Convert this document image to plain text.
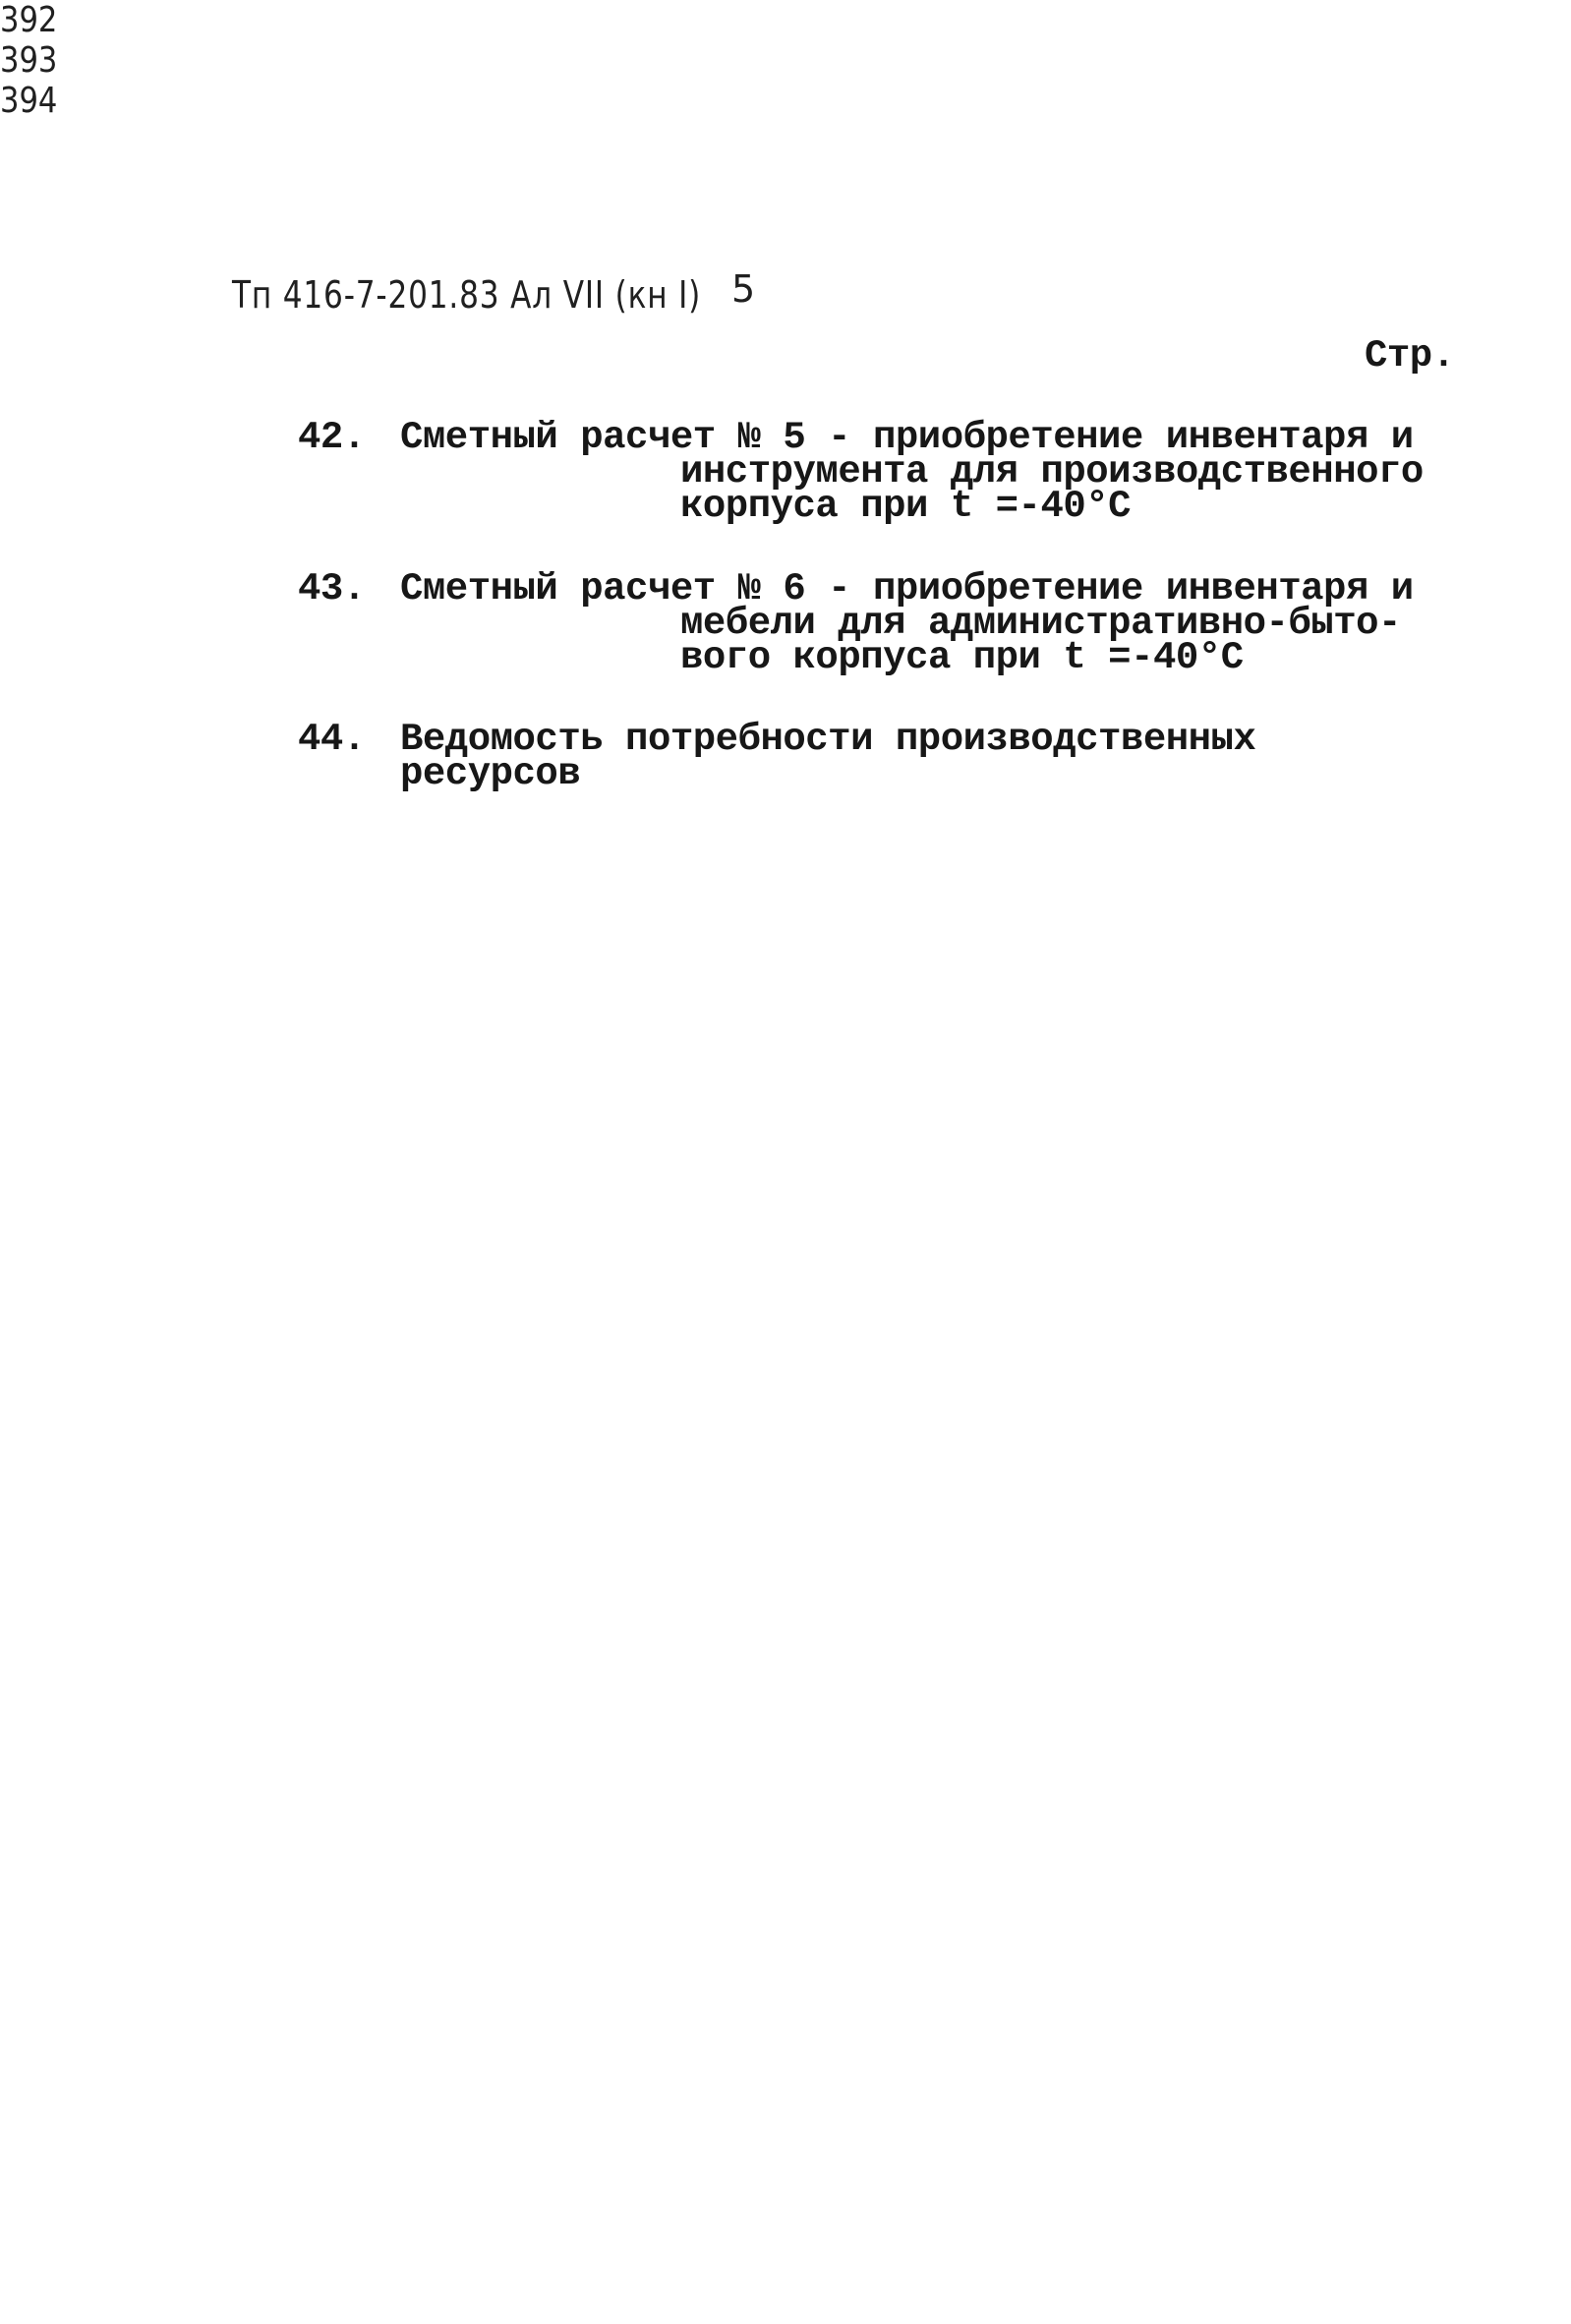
Тп 416-7-201.83 Ал VII (кн I) 5
Стр.
42. Сметный расчет № 5 - приобретение инвентаря и
инструмента для производственного
корпуса при t =-40°С
392
43. Сметный расчет № 6 - приобретение инвентаря и
мебели для административно-быто-
вого корпуса при t =-40°С
393
44. Ведомость потребности производственных
ресурсов
394
